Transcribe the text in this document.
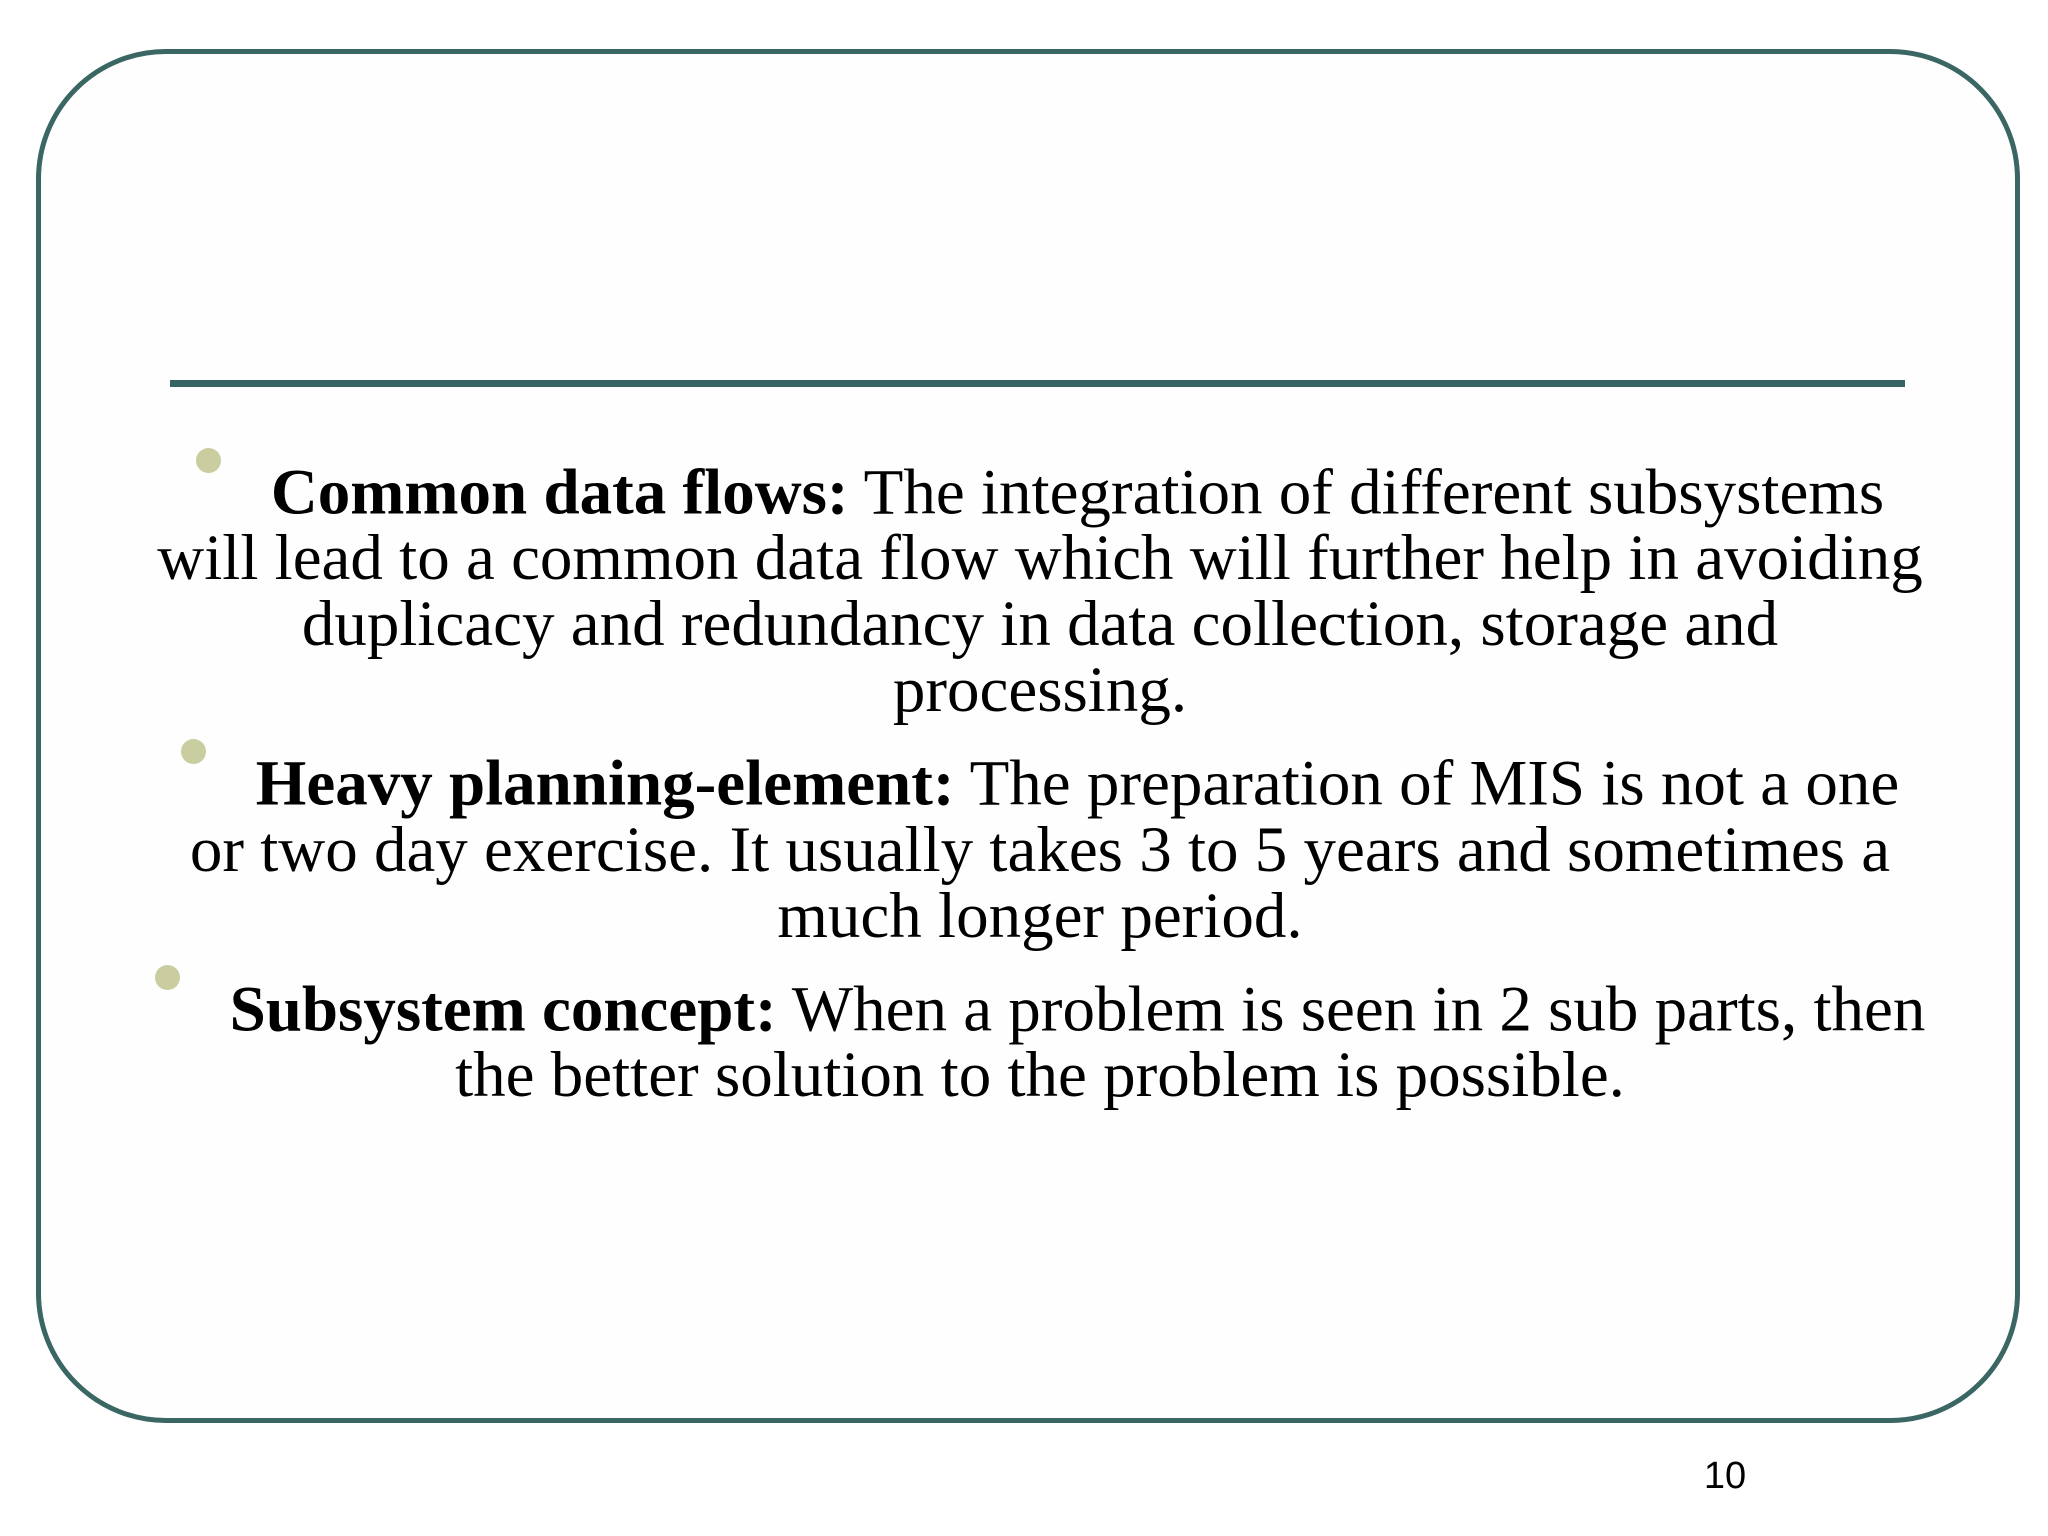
Common data flows: The integration of different subsystems will lead to a common data flow which will further help in avoiding duplicacy and redundancy in data collection, storage and processing.
Heavy planning-element: The preparation of MIS is not a one or two day exercise. It usually takes 3 to 5 years and sometimes a much longer period.
Subsystem concept: When a problem is seen in 2 sub parts, then the better solution to the problem is possible.
10
